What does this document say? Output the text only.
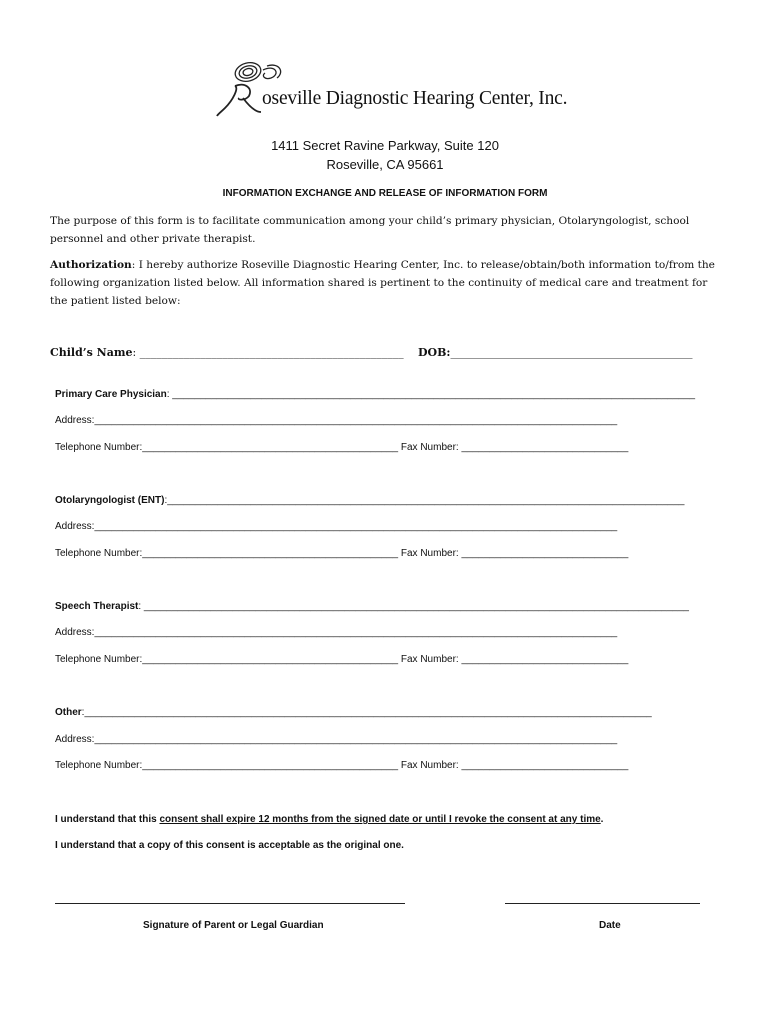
oseville Diagnostic Hearing Center, Inc.
1411 Secret Ravine Parkway, Suite 120
Roseville, CA 95661
INFORMATION EXCHANGE AND RELEASE OF INFORMATION FORM
The purpose of this form is to facilitate communication among your child’s primary physician, Otolaryngologist, school personnel and other private therapist.
Authorization: I hereby authorize Roseville Diagnostic Hearing Center, Inc. to release/obtain/both information to/from the following organization listed below. All information shared is pertinent to the continuity of medical care and treatment for the patient listed below:
Child’s Name: ________________________________________________ DOB:____________________________________________
Primary Care Physician: ______________________________________________________________________________________________
Address:______________________________________________________________________________________________
Telephone Number:______________________________________________ Fax Number: ______________________________
Otolaryngologist (ENT):_____________________________________________________________________________________________
Address:______________________________________________________________________________________________
Telephone Number:______________________________________________ Fax Number: ______________________________
Speech Therapist: __________________________________________________________________________________________________
Address:______________________________________________________________________________________________
Telephone Number:______________________________________________ Fax Number: ______________________________
Other:______________________________________________________________________________________________________
Address:______________________________________________________________________________________________
Telephone Number:______________________________________________ Fax Number: ______________________________
I understand that this consent shall expire 12 months from the signed date or until I revoke the consent at any time.
I understand that a copy of this consent is acceptable as the original one.
Signature of Parent or Legal Guardian	Date
